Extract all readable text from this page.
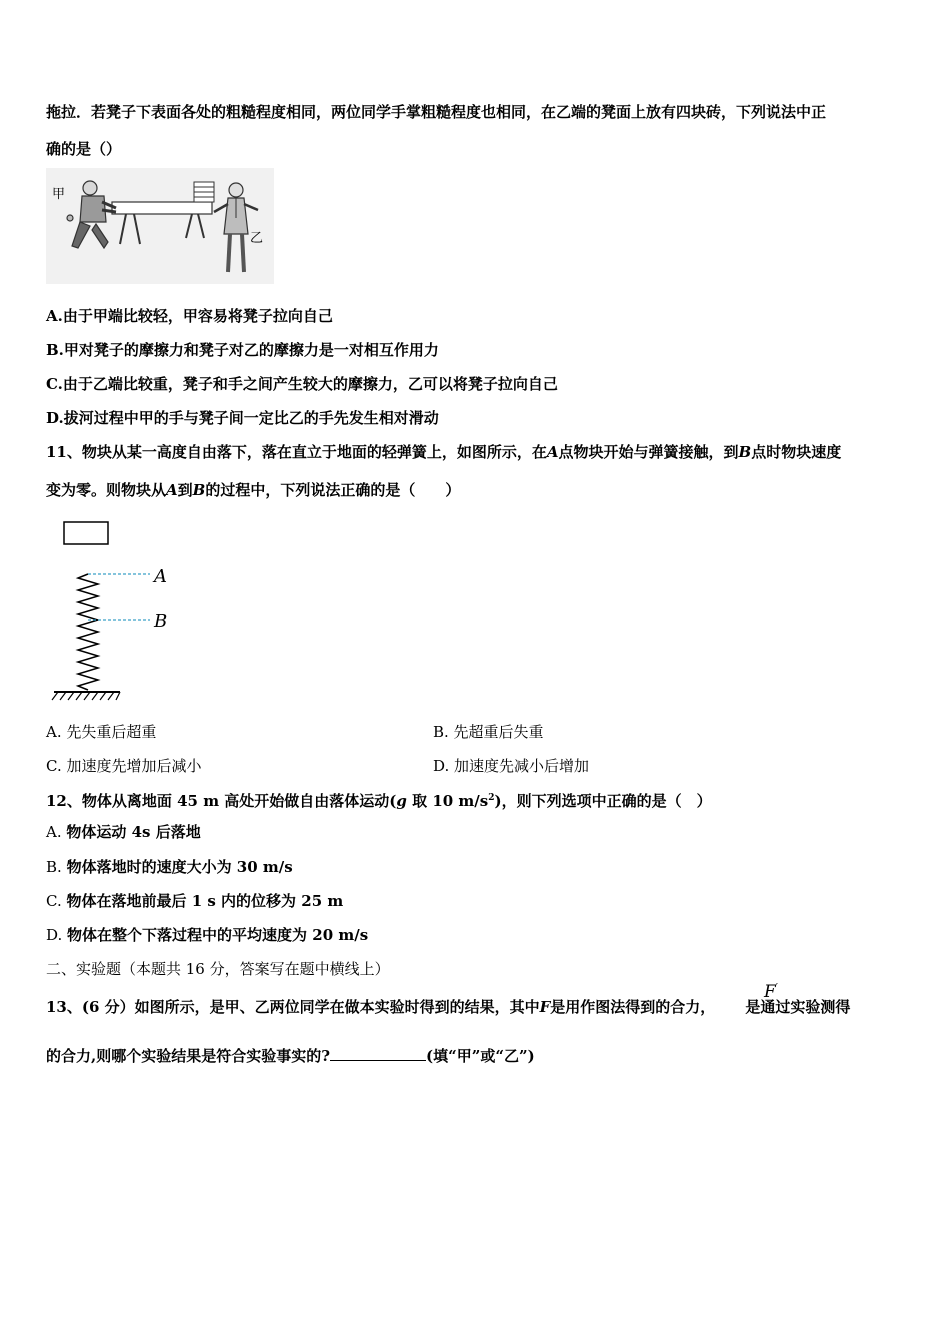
拖拉．若凳子下表面各处的粗糙程度相同，两位同学手掌粗糙程度也相同，在乙端的凳面上放有四块砖，下列说法中正
确的是（）
甲
乙
A.由于甲端比较轻，甲容易将凳子拉向自己
B.甲对凳子的摩擦力和凳子对乙的摩擦力是一对相互作用力
C.由于乙端比较重，凳子和手之间产生较大的摩擦力，乙可以将凳子拉向自己
D.拔河过程中甲的手与凳子间一定比乙的手先发生相对滑动
11、物块从某一高度自由落下，落在直立于地面的轻弹簧上，如图所示，在A点物块开始与弹簧接触，到B点时物块速度
变为零。则物块从A到B的过程中，下列说法正确的是（　　）
A
B
A. 先失重后超重	B. 先超重后失重
C. 加速度先增加后减小	D. 加速度先减小后增加
12、物体从离地面 45 m 高处开始做自由落体运动(g 取 10 $m/s^2$)，则下列选项中正确的是（　）
A. 物体运动 4s 后落地
B. 物体落地时的速度大小为 30 m/s
C. 物体在落地前最后 1 s 内的位移为 25 m
D. 物体在整个下落过程中的平均速度为 20 m/s
二、实验题（本题共 16 分，答案写在题中横线上）
13、(6 分）如图所示，是甲、乙两位同学在做本实验时得到的结果，其中F是用作图法得到的合力， 是通过实验测得
F′
的合力,则哪个实验结果是符合实验事实的?	(填“甲”或“乙”)
